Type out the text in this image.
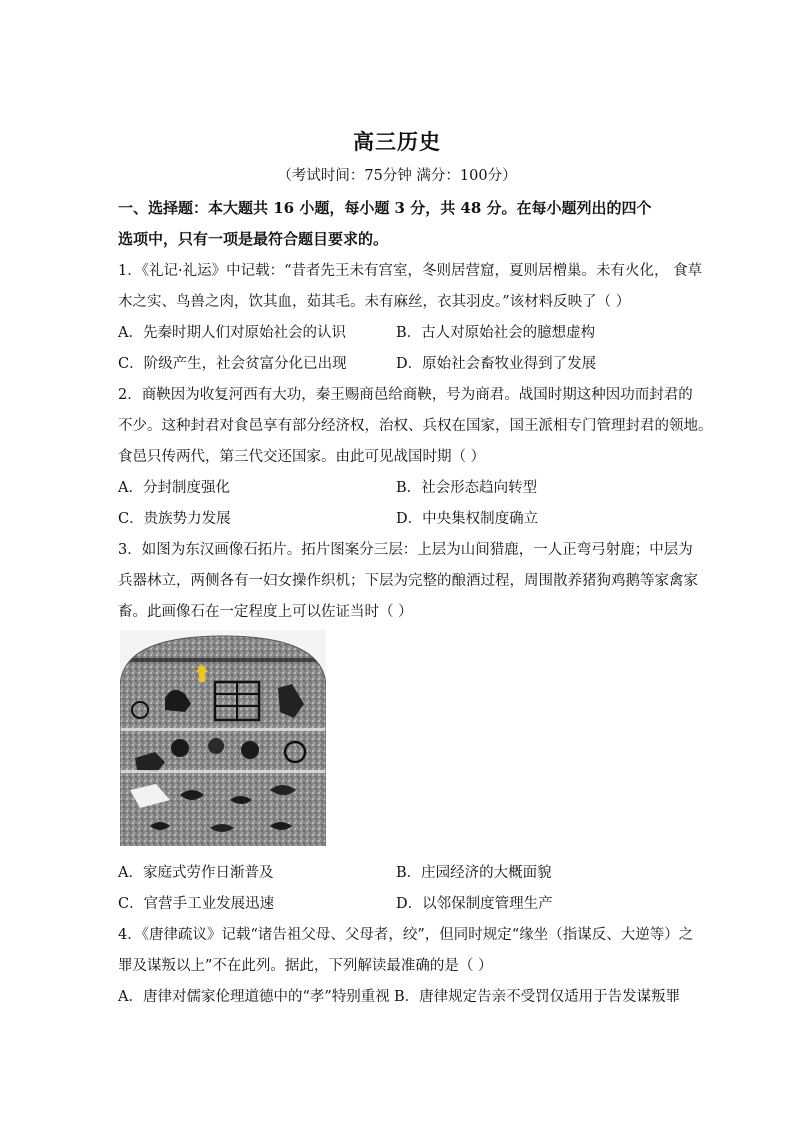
高三历史
（考试时间：75分钟 满分：100分）
一、选择题：本大题共 16 小题，每小题 3 分，共 48 分。在每小题列出的四个
选项中，只有一项是最符合题目要求的。
1．《礼记·礼运》中记载：“昔者先王未有宫室，冬则居营窟，夏则居橧巢。未有火化， 食草
木之实、鸟兽之肉，饮其血，茹其毛。未有麻丝，衣其羽皮。”该材料反映了（ ）
A．先秦时期人们对原始社会的认识	B．古人对原始社会的臆想虚构
C．阶级产生，社会贫富分化已出现	D．原始社会畜牧业得到了发展
2．商鞅因为收复河西有大功，秦王赐商邑给商鞅，号为商君。战国时期这种因功而封君的
不少。这种封君对食邑享有部分经济权，治权、兵权在国家，国王派相专门管理封君的领地。
食邑只传两代，第三代交还国家。由此可见战国时期（ ）
A．分封制度强化	B．社会形态趋向转型
C．贵族势力发展	D．中央集权制度确立
3．如图为东汉画像石拓片。拓片图案分三层：上层为山间猎鹿，一人正弯弓射鹿；中层为
兵器林立，两侧各有一妇女操作织机；下层为完整的酿酒过程，周围散养猪狗鸡鹅等家禽家
畜。此画像石在一定程度上可以佐证当时（ ）
A．家庭式劳作日渐普及	B．庄园经济的大概面貌
C．官营手工业发展迅速	D．以邻保制度管理生产
4．《唐律疏议》记载“诸告祖父母、父母者，绞”，但同时规定“缘坐（指谋反、大逆等）之
罪及谋叛以上”不在此列。据此，下列解读最准确的是（ ）
A．唐律对儒家伦理道德中的“孝”特别重视 B．唐律规定告亲不受罚仅适用于告发谋叛罪
